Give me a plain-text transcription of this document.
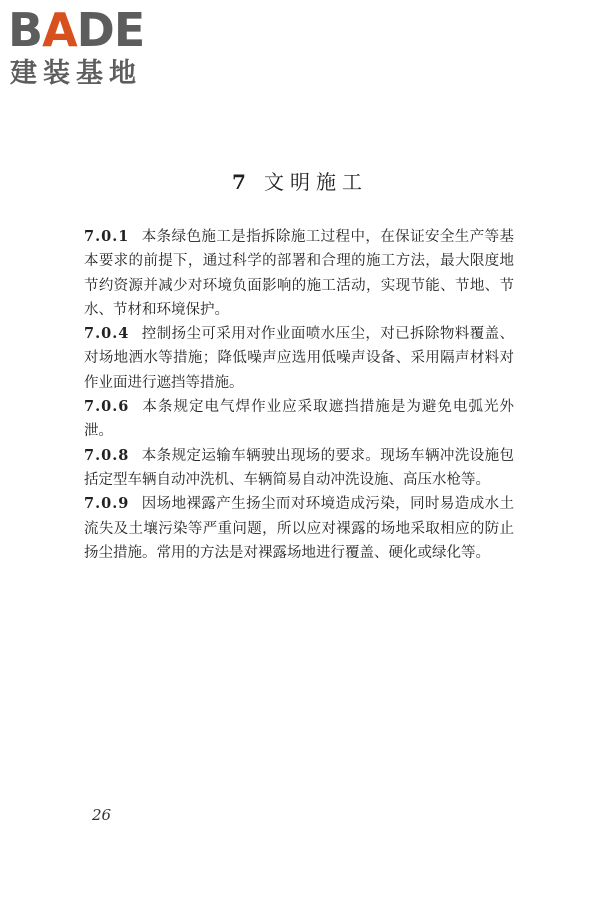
BADE
建装基地
7 文明施工

7.0.1 本条绿色施工是指拆除施工过程中，在保证安全生产等基本要求的前提下，通过科学的部署和合理的施工方法，最大限度地节约资源并减少对环境负面影响的施工活动，实现节能、节地、节水、节材和环境保护。

7.0.4 控制扬尘可采用对作业面喷水压尘，对已拆除物料覆盖、对场地洒水等措施；降低噪声应选用低噪声设备、采用隔声材料对作业面进行遮挡等措施。

7.0.6 本条规定电气焊作业应采取遮挡措施是为避免电弧光外泄。

7.0.8 本条规定运输车辆驶出现场的要求。现场车辆冲洗设施包括定型车辆自动冲洗机、车辆简易自动冲洗设施、高压水枪等。

7.0.9 因场地裸露产生扬尘而对环境造成污染，同时易造成水土流失及土壤污染等严重问题，所以应对裸露的场地采取相应的防止扬尘措施。常用的方法是对裸露场地进行覆盖、硬化或绿化等。

26
